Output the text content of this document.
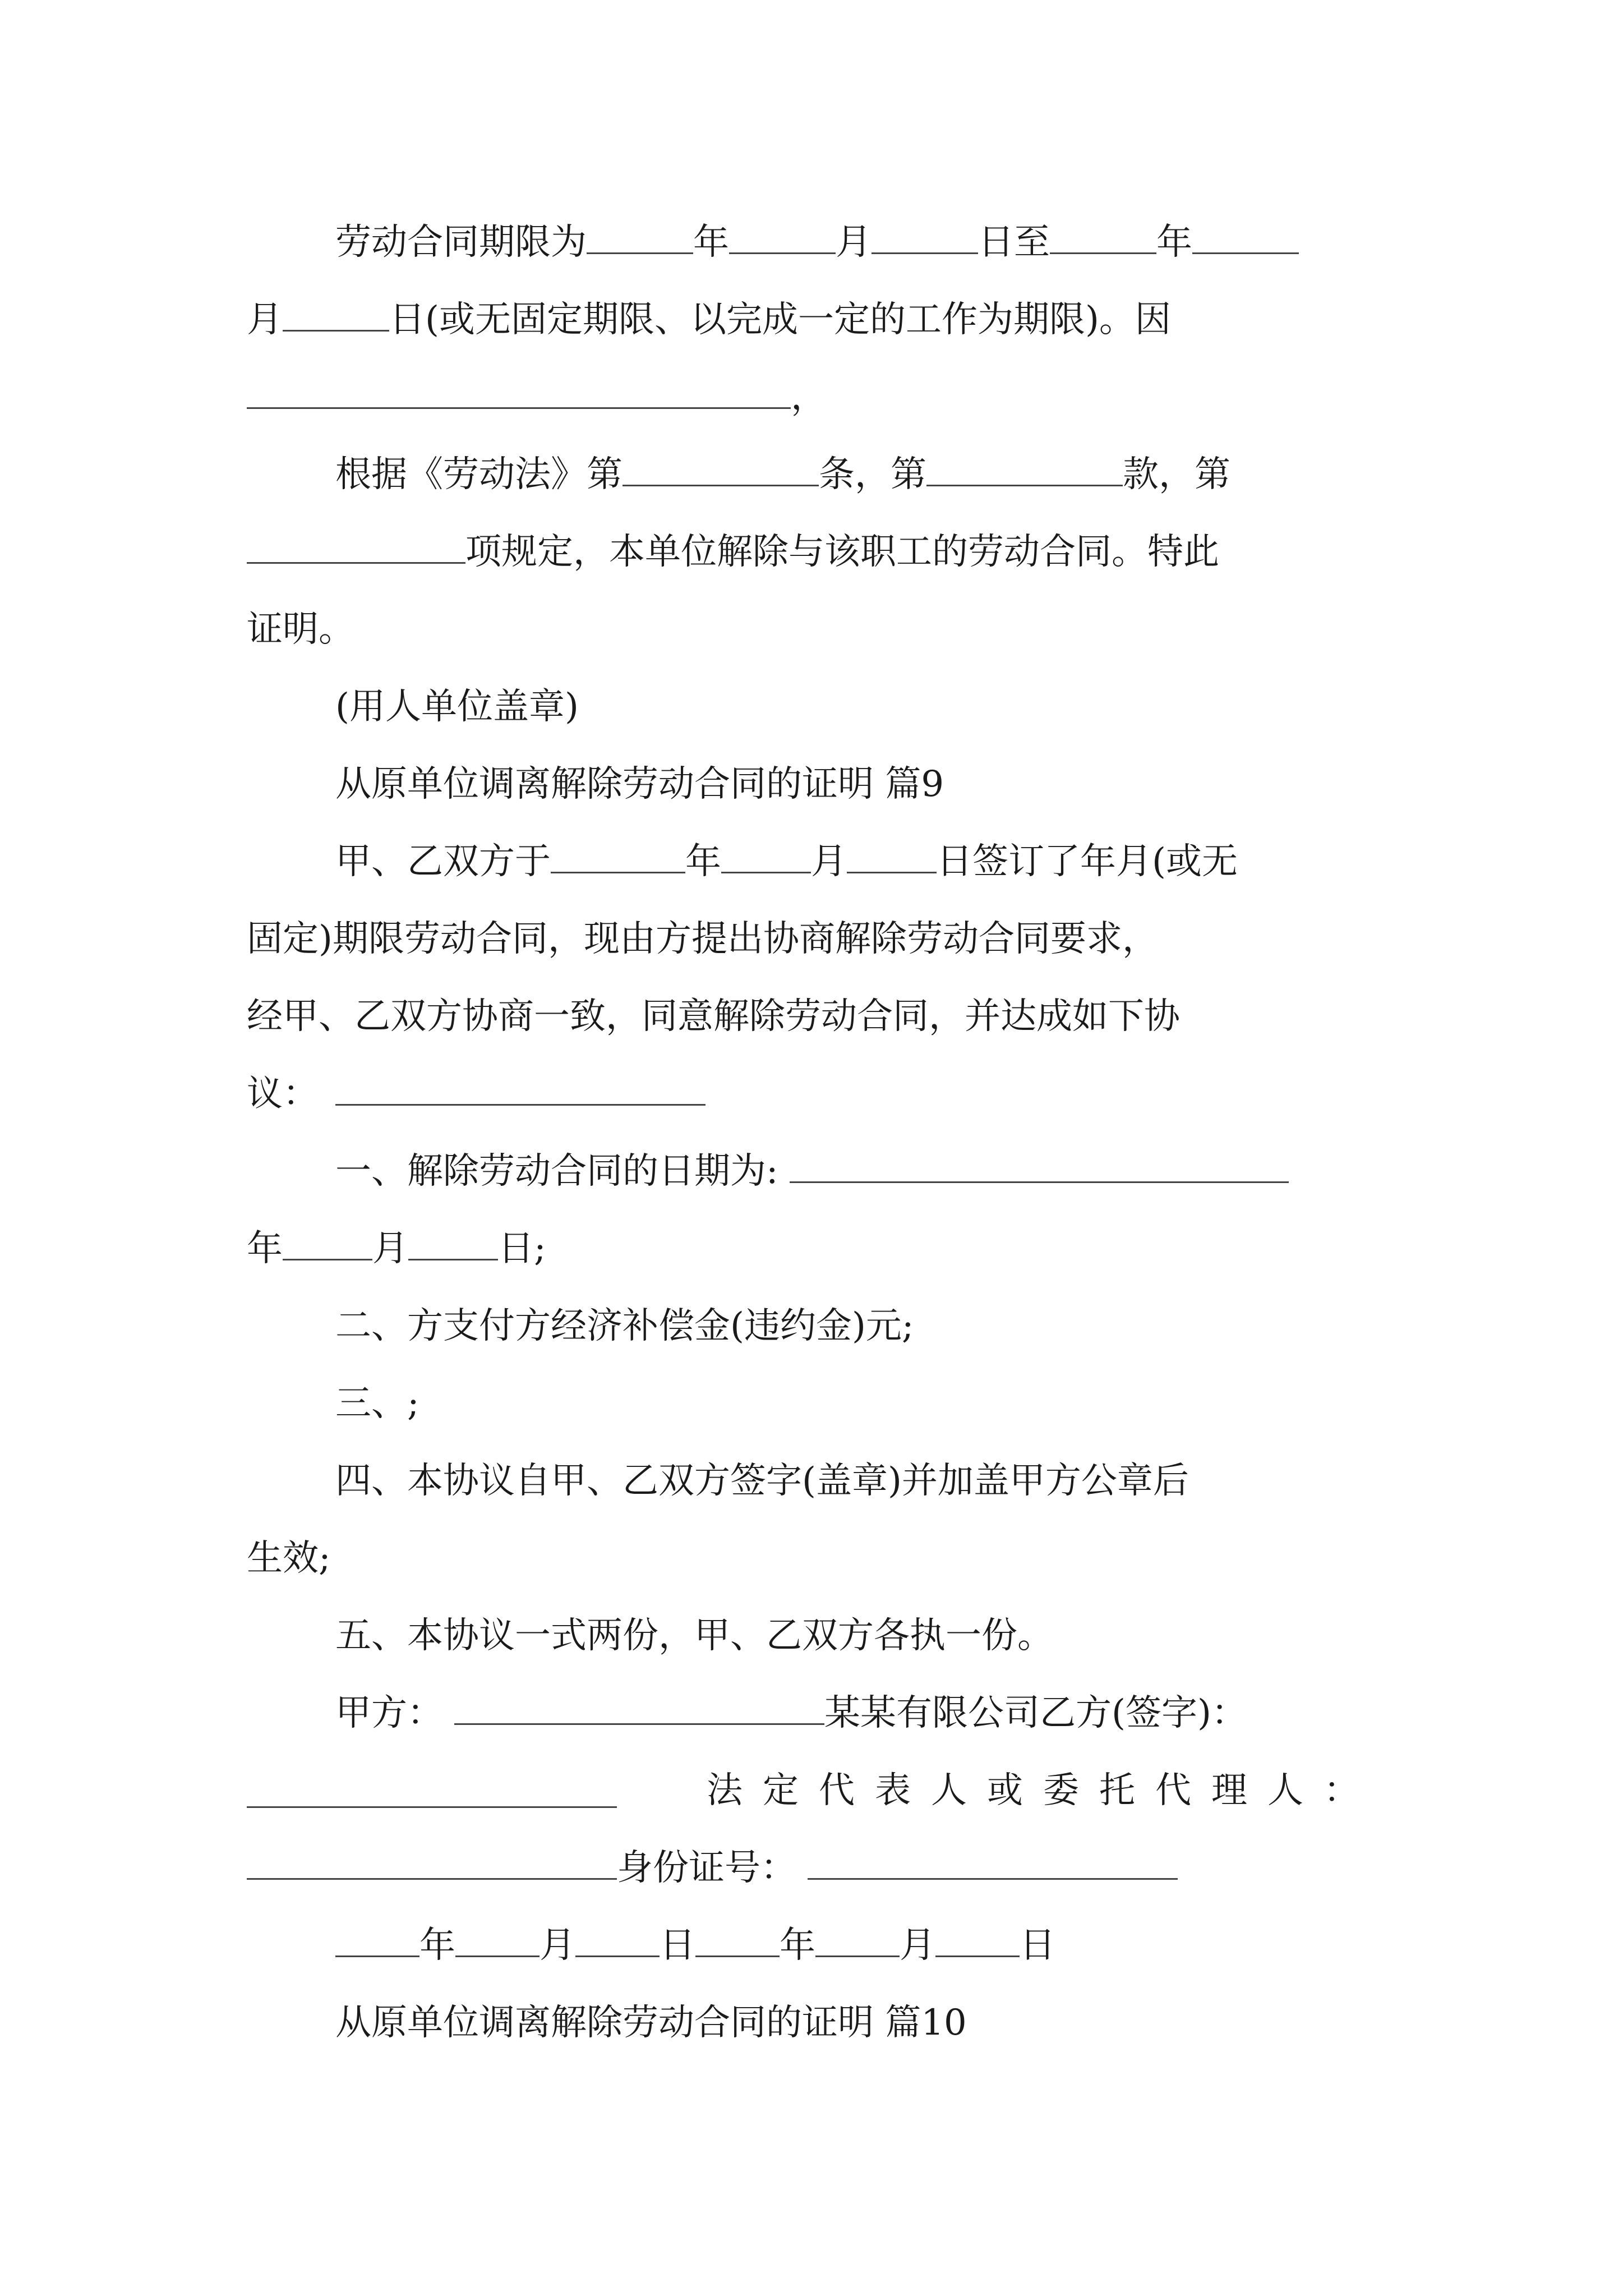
劳动合同期限为	年	月	日至	年
月	日(或无固定期限、以完成一定的工作为期限)。因
，
根据《劳动法》第	条，第	款，第
项规定，本单位解除与该职工的劳动合同。特此
证明。
(用人单位盖章)
从原单位调离解除劳动合同的证明 篇9
甲、乙双方于	年	月	日签订了年月(或无
固定)期限劳动合同，现由方提出协商解除劳动合同要求，
经甲、乙双方协商一致，同意解除劳动合同，并达成如下协
议：
一、解除劳动合同的日期为:
年	月	日;
二、方支付方经济补偿金(违约金)元;
三、;
四、本协议自甲、乙双方签字(盖章)并加盖甲方公章后
生效;
五、本协议一式两份，甲、乙双方各执一份。
甲方：	某某有限公司乙方(签字)：
法定代表人或委托代理人：
身份证号：
年 月 日 年 月 日
从原单位调离解除劳动合同的证明 篇10
